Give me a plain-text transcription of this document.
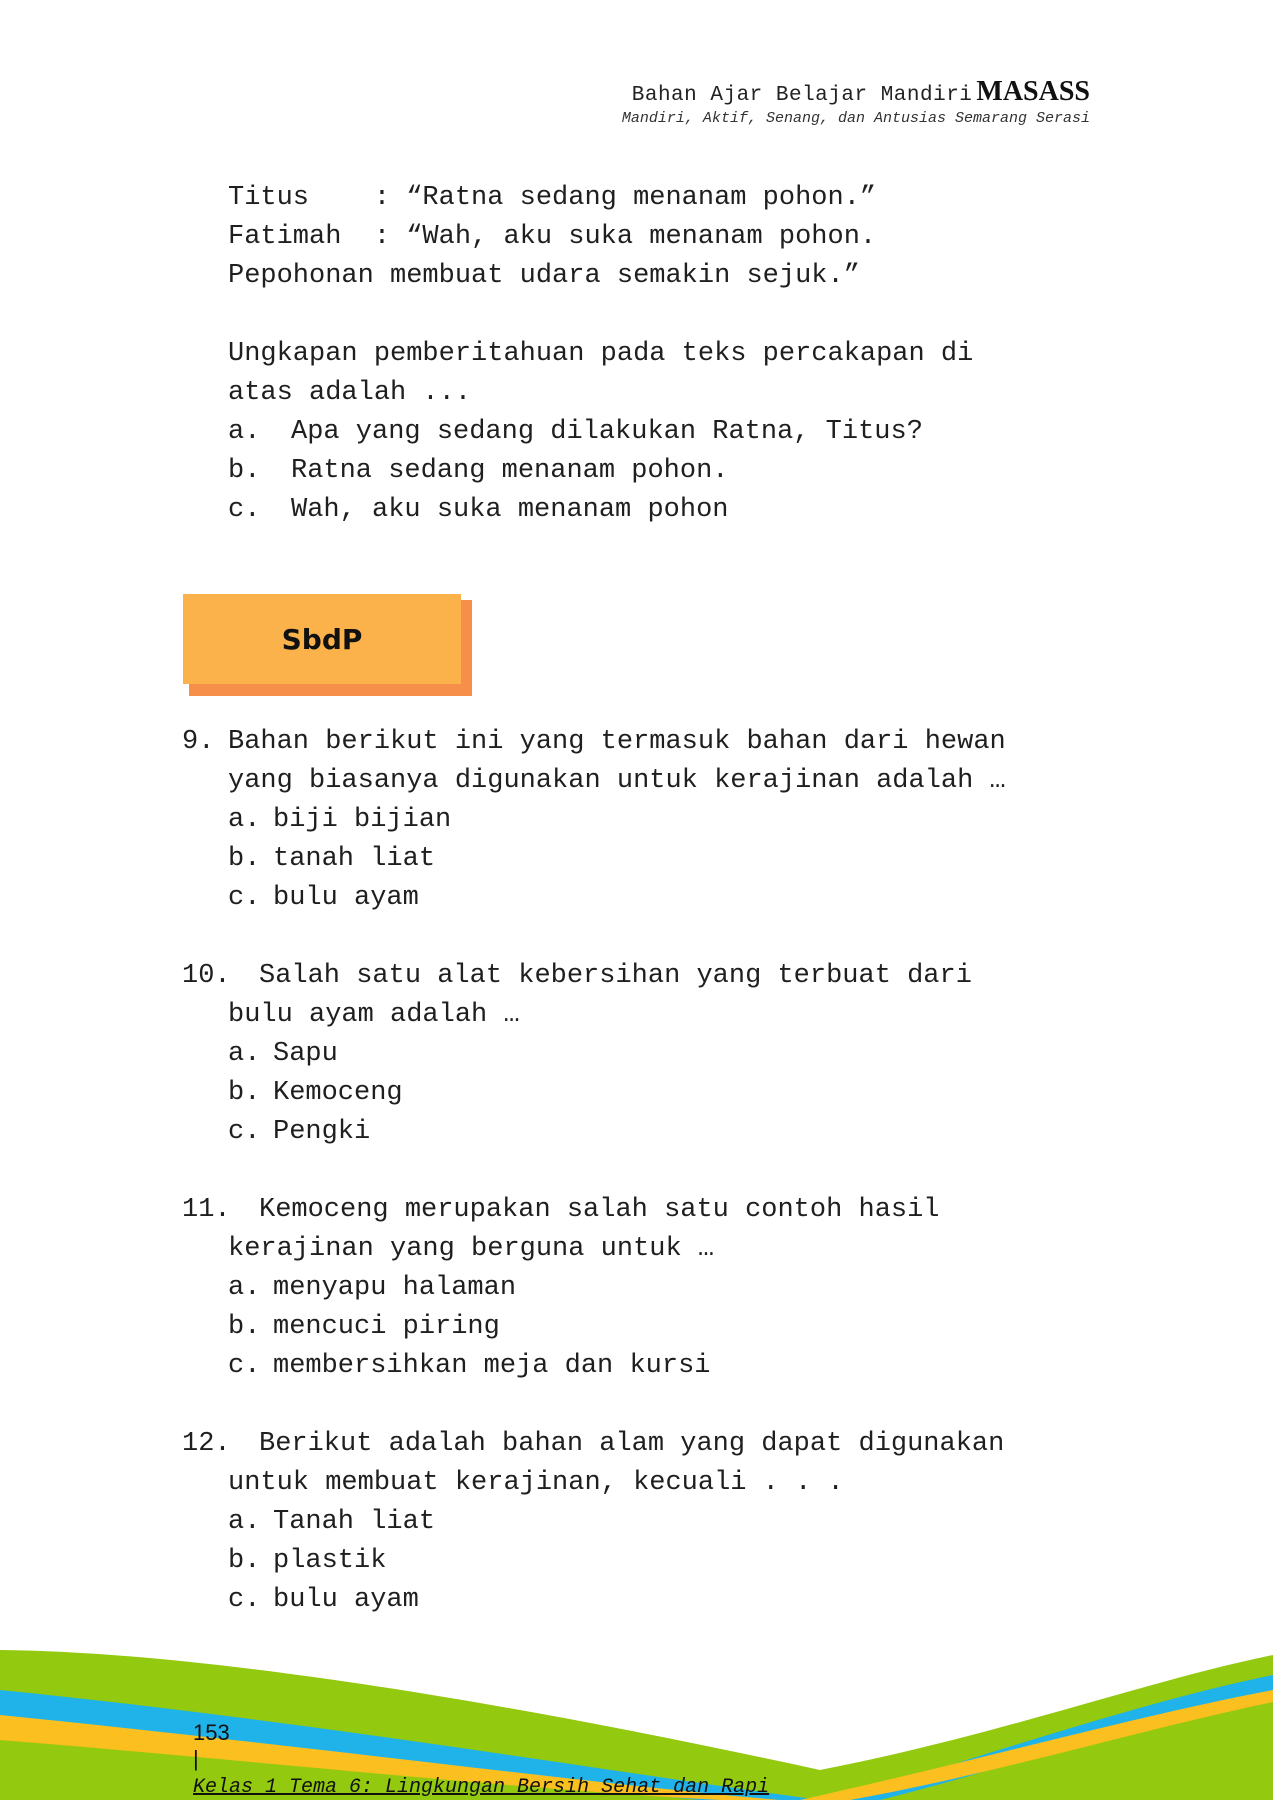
Bahan Ajar Belajar Mandiri MASASS
Mandiri, Aktif, Senang, dan Antusias Semarang Serasi
Titus    : “Ratna sedang menanam pohon.”
Fatimah  : “Wah, aku suka menanam pohon.
Pepohonan membuat udara semakin sejuk.”
Ungkapan pemberitahuan pada teks percakapan di
atas adalah ...
a. Apa yang sedang dilakukan Ratna, Titus?
b. Ratna sedang menanam pohon.
c. Wah, aku suka menanam pohon
SbdP
9. Bahan berikut ini yang termasuk bahan dari hewan
yang biasanya digunakan untuk kerajinan adalah …
a. biji bijian
b. tanah liat
c. bulu ayam
10. Salah satu alat kebersihan yang terbuat dari
bulu ayam adalah …
a. Sapu
b. Kemoceng
c. Pengki
11. Kemoceng merupakan salah satu contoh hasil
kerajinan yang berguna untuk …
a. menyapu halaman
b. mencuci piring
c. membersihkan meja dan kursi
12. Berikut adalah bahan alam yang dapat digunakan
untuk membuat kerajinan, kecuali . . .
a. Tanah liat
b. plastik
c. bulu ayam

153
|
Kelas 1 Tema 6: Lingkungan Bersih Sehat dan Rapi
